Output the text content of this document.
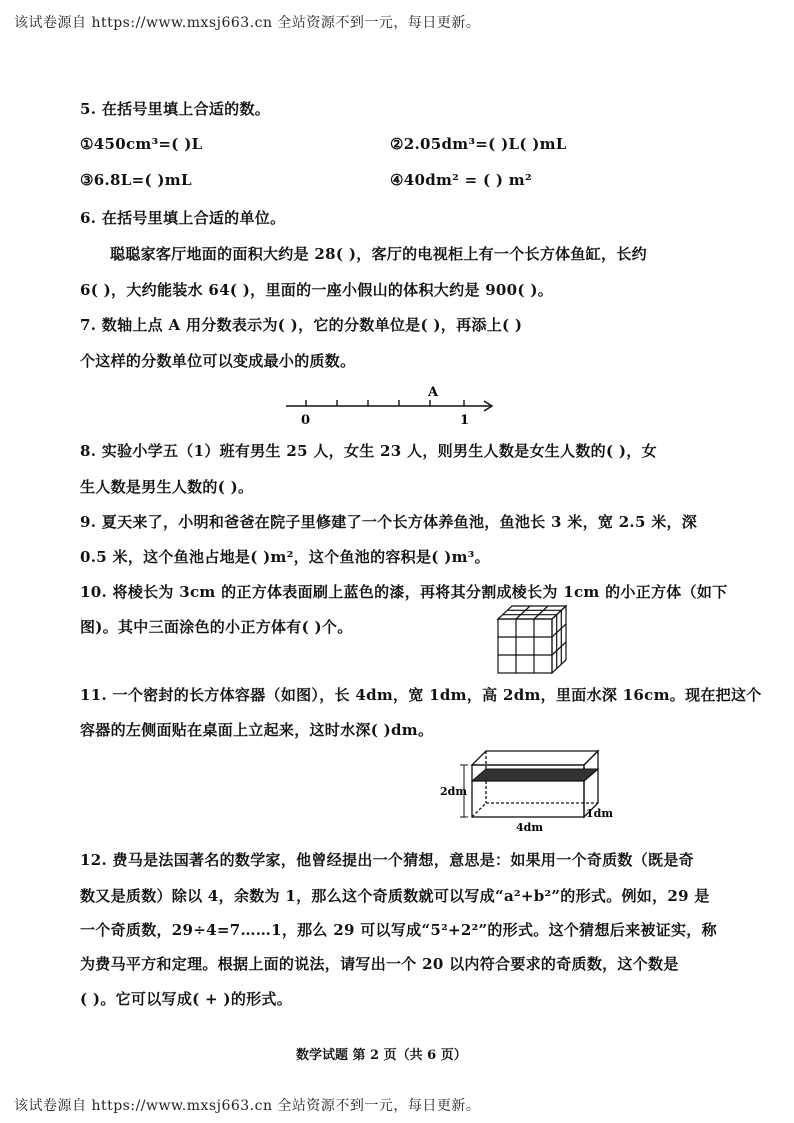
该试卷源自 https://www.mxsj663.cn 全站资源不到一元，每日更新。
5. 在括号里填上合适的数。
①450cm³=( )L	②2.05dm³=( )L( )mL
③6.8L=( )mL	④40dm² = ( ) m²
6. 在括号里填上合适的单位。
聪聪家客厅地面的面积大约是 28( )，客厅的电视柜上有一个长方体鱼缸，长约
6( )，大约能装水 64( )，里面的一座小假山的体积大约是 900( )。
7. 数轴上点 A 用分数表示为( )，它的分数单位是( )，再添上( )
个这样的分数单位可以变成最小的质数。
A
0	1
8. 实验小学五（1）班有男生 25 人，女生 23 人，则男生人数是女生人数的( )，女
生人数是男生人数的( )。
9. 夏天来了，小明和爸爸在院子里修建了一个长方体养鱼池，鱼池长 3 米，宽 2.5 米，深
0.5 米，这个鱼池占地是( )m²，这个鱼池的容积是( )m³。
10. 将棱长为 3cm 的正方体表面刷上蓝色的漆，再将其分割成棱长为 1cm 的小正方体（如下
图)。其中三面涂色的小正方体有( )个。
11. 一个密封的长方体容器（如图），长 4dm，宽 1dm，高 2dm，里面水深 16cm。现在把这个
容器的左侧面贴在桌面上立起来，这时水深( )dm。
2dm
1dm
4dm
12. 费马是法国著名的数学家，他曾经提出一个猜想，意思是：如果用一个奇质数（既是奇
数又是质数）除以 4，余数为 1，那么这个奇质数就可以写成“a²+b²”的形式。例如，29 是
一个奇质数，29÷4=7……1，那么 29 可以写成“5²+2²”的形式。这个猜想后来被证实，称
为费马平方和定理。根据上面的说法，请写出一个 20 以内符合要求的奇质数，这个数是
( )。它可以写成( + )的形式。
数学试题 第 2 页（共 6 页）
该试卷源自 https://www.mxsj663.cn 全站资源不到一元，每日更新。
